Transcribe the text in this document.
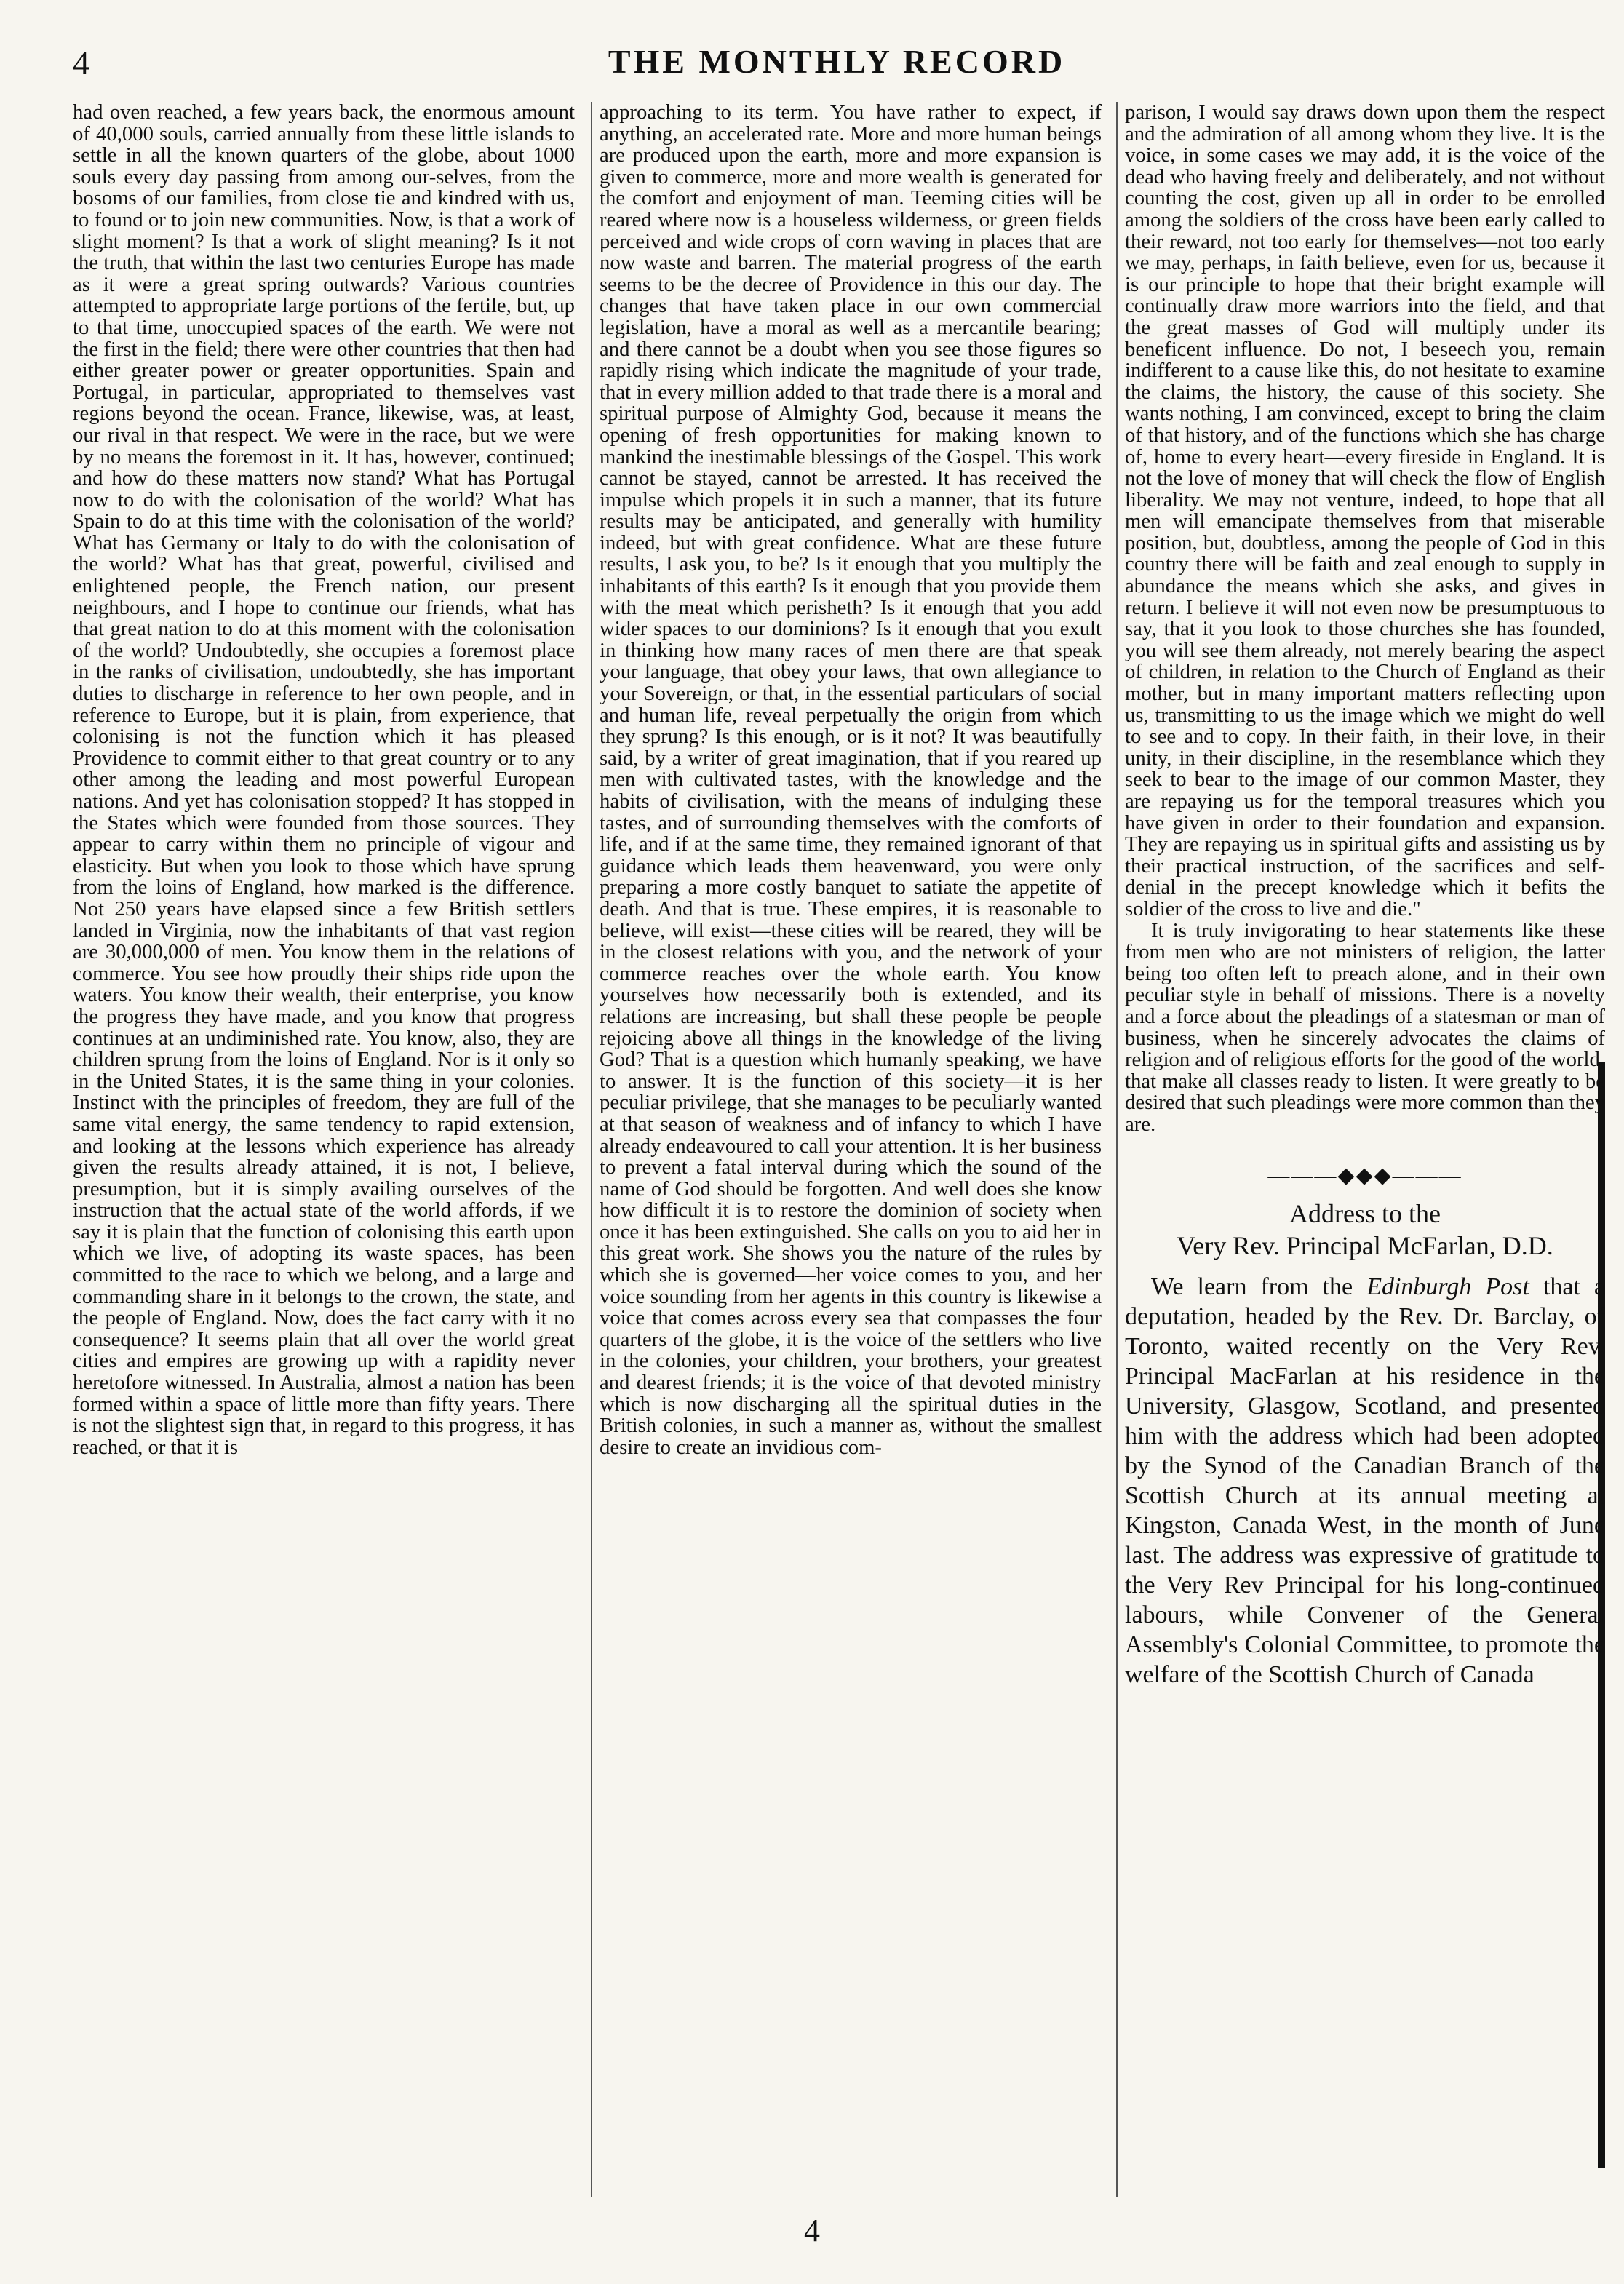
4	THE MONTHLY RECORD

had oven reached, a few years back, the enormous amount of 40,000 souls, carried annually from these little islands to settle in all the known quarters of the globe, about 1000 souls every day passing from among our-selves, from the bosoms of our families, from close tie and kindred with us, to found or to join new communities. Now, is that a work of slight moment? Is that a work of slight meaning? Is it not the truth, that within the last two centuries Europe has made as it were a great spring outwards? Various countries attempted to appropriate large portions of the fertile, but, up to that time, unoccupied spaces of the earth. We were not the first in the field; there were other countries that then had either greater power or greater opportunities. Spain and Portugal, in particular, appropriated to themselves vast regions beyond the ocean. France, likewise, was, at least, our rival in that respect. We were in the race, but we were by no means the foremost in it. It has, however, continued; and how do these matters now stand? What has Portugal now to do with the colonisation of the world? What has Spain to do at this time with the colonisation of the world? What has Germany or Italy to do with the colonisation of the world? What has that great, powerful, civilised and enlightened people, the French nation, our present neighbours, and I hope to continue our friends, what has that great nation to do at this moment with the colonisation of the world? Undoubtedly, she occupies a foremost place in the ranks of civilisation, undoubtedly, she has important duties to discharge in reference to her own people, and in reference to Europe, but it is plain, from experience, that colonising is not the function which it has pleased Providence to commit either to that great country or to any other among the leading and most powerful European nations. And yet has colonisation stopped? It has stopped in the States which were founded from those sources. They appear to carry within them no principle of vigour and elasticity. But when you look to those which have sprung from the loins of England, how marked is the difference. Not 250 years have elapsed since a few British settlers landed in Virginia, now the inhabitants of that vast region are 30,000,000 of men. You know them in the relations of commerce. You see how proudly their ships ride upon the waters. You know their wealth, their enterprise, you know the progress they have made, and you know that progress continues at an undiminished rate. You know, also, they are children sprung from the loins of England. Nor is it only so in the United States, it is the same thing in your colonies. Instinct with the principles of freedom, they are full of the same vital energy, the same tendency to rapid extension, and looking at the lessons which experience has already given the results already attained, it is not, I believe, presumption, but it is simply availing ourselves of the instruction that the actual state of the world affords, if we say it is plain that the function of colonising this earth upon which we live, of adopting its waste spaces, has been committed to the race to which we belong, and a large and commanding share in it belongs to the crown, the state, and the people of England. Now, does the fact carry with it no consequence? It seems plain that all over the world great cities and empires are growing up with a rapidity never heretofore witnessed. In Australia, almost a nation has been formed within a space of little more than fifty years. There is not the slightest sign that, in regard to this progress, it has reached, or that it is

approaching to its term. You have rather to expect, if anything, an accelerated rate. More and more human beings are produced upon the earth, more and more expansion is given to commerce, more and more wealth is generated for the comfort and enjoyment of man. Teeming cities will be reared where now is a houseless wilderness, or green fields perceived and wide crops of corn waving in places that are now waste and barren. The material progress of the earth seems to be the decree of Providence in this our day. The changes that have taken place in our own commercial legislation, have a moral as well as a mercantile bearing; and there cannot be a doubt when you see those figures so rapidly rising which indicate the magnitude of your trade, that in every million added to that trade there is a moral and spiritual purpose of Almighty God, because it means the opening of fresh opportunities for making known to mankind the inestimable blessings of the Gospel. This work cannot be stayed, cannot be arrested. It has received the impulse which propels it in such a manner, that its future results may be anticipated, and generally with humility indeed, but with great confidence. What are these future results, I ask you, to be? Is it enough that you multiply the inhabitants of this earth? Is it enough that you provide them with the meat which perisheth? Is it enough that you add wider spaces to our dominions? Is it enough that you exult in thinking how many races of men there are that speak your language, that obey your laws, that own allegiance to your Sovereign, or that, in the essential particulars of social and human life, reveal perpetually the origin from which they sprung? Is this enough, or is it not? It was beautifully said, by a writer of great imagination, that if you reared up men with cultivated tastes, with the knowledge and the habits of civilisation, with the means of indulging these tastes, and of surrounding themselves with the comforts of life, and if at the same time, they remained ignorant of that guidance which leads them heavenward, you were only preparing a more costly banquet to satiate the appetite of death. And that is true. These empires, it is reasonable to believe, will exist—these cities will be reared, they will be in the closest relations with you, and the network of your commerce reaches over the whole earth. You know yourselves how necessarily both is extended, and its relations are increasing, but shall these people be people rejoicing above all things in the knowledge of the living God? That is a question which humanly speaking, we have to answer. It is the function of this society—it is her peculiar privilege, that she manages to be peculiarly wanted at that season of weakness and of infancy to which I have already endeavoured to call your attention. It is her business to prevent a fatal interval during which the sound of the name of God should be forgotten. And well does she know how difficult it is to restore the dominion of society when once it has been extinguished. She calls on you to aid her in this great work. She shows you the nature of the rules by which she is governed—her voice comes to you, and her voice sounding from her agents in this country is likewise a voice that comes across every sea that compasses the four quarters of the globe, it is the voice of the settlers who live in the colonies, your children, your brothers, your greatest and dearest friends; it is the voice of that devoted ministry which is now discharging all the spiritual duties in the British colonies, in such a manner as, without the smallest desire to create an invidious com-

parison, I would say draws down upon them the respect and the admiration of all among whom they live. It is the voice, in some cases we may add, it is the voice of the dead who having freely and deliberately, and not without counting the cost, given up all in order to be enrolled among the soldiers of the cross have been early called to their reward, not too early for themselves—not too early we may, perhaps, in faith believe, even for us, because it is our principle to hope that their bright example will continually draw more warriors into the field, and that the great masses of God will multiply under its beneficent influence. Do not, I beseech you, remain indifferent to a cause like this, do not hesitate to examine the claims, the history, the cause of this society. She wants nothing, I am convinced, except to bring the claim of that history, and of the functions which she has charge of, home to every heart—every fireside in England. It is not the love of money that will check the flow of English liberality. We may not venture, indeed, to hope that all men will emancipate themselves from that miserable position, but, doubtless, among the people of God in this country there will be faith and zeal enough to supply in abundance the means which she asks, and gives in return. I believe it will not even now be presumptuous to say, that it you look to those churches she has founded, you will see them already, not merely bearing the aspect of children, in relation to the Church of England as their mother, but in many important matters reflecting upon us, transmitting to us the image which we might do well to see and to copy. In their faith, in their love, in their unity, in their discipline, in the resemblance which they seek to bear to the image of our common Master, they are repaying us for the temporal treasures which you have given in order to their foundation and expansion. They are repaying us in spiritual gifts and assisting us by their practical instruction, of the sacrifices and self-denial in the precept knowledge which it befits the soldier of the cross to live and die."

It is truly invigorating to hear statements like these from men who are not ministers of religion, the latter being too often left to preach alone, and in their own peculiar style in behalf of missions. There is a novelty and a force about the pleadings of a statesman or man of business, when he sincerely advocates the claims of religion and of religious efforts for the good of the world, that make all classes ready to listen. It were greatly to be desired that such pleadings were more common than they are.

———◆◆◆———
Address to the
Very Rev. Principal McFarlan, D.D.
We learn from the Edinburgh Post that a deputation, headed by the Rev. Dr. Barclay, of Toronto, waited recently on the Very Rev. Principal MacFarlan at his residence in the University, Glasgow, Scotland, and presented him with the address which had been adopted by the Synod of the Canadian Branch of the Scottish Church at its annual meeting at Kingston, Canada West, in the month of June last. The address was expressive of gratitude to the Very Rev Principal for his long-continued labours, while Convener of the General Assembly's Colonial Committee, to promote the welfare of the Scottish Church of Canada
4
